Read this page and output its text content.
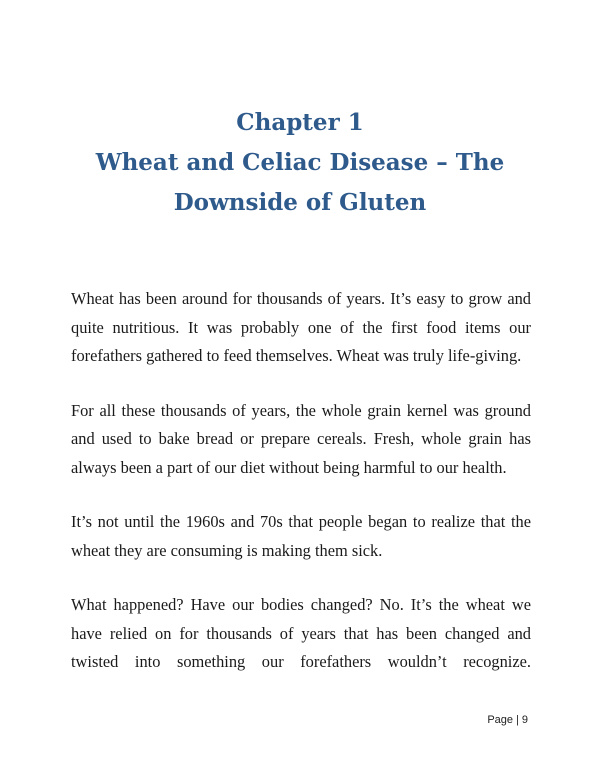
Chapter 1
Wheat and Celiac Disease – The
Downside of Gluten

Wheat has been around for thousands of years. It’s easy to grow and quite nutritious. It was probably one of the first food items our forefathers gathered to feed themselves. Wheat was truly life-giving.

For all these thousands of years, the whole grain kernel was ground and used to bake bread or prepare cereals. Fresh, whole grain has always been a part of our diet without being harmful to our health.

It’s not until the 1960s and 70s that people began to realize that the wheat they are consuming is making them sick.

What happened? Have our bodies changed? No. It’s the wheat we have relied on for thousands of years that has been changed and twisted into something our forefathers wouldn’t recognize.

Page | 9
